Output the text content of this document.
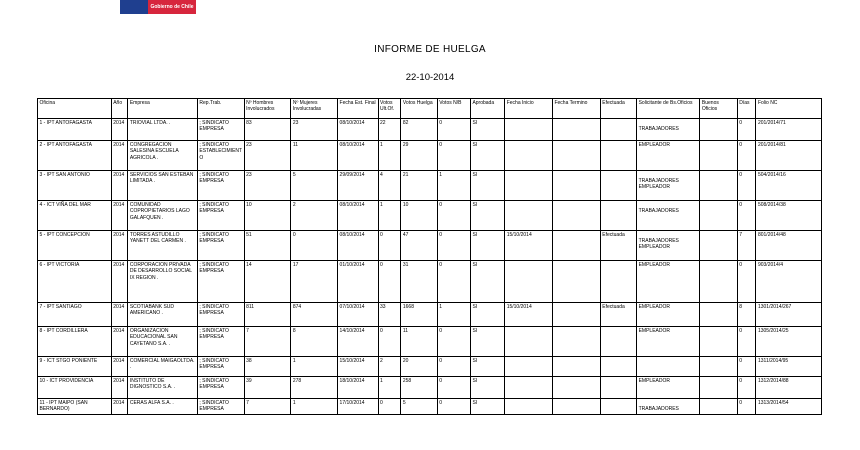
Gobierno de Chile
INFORME DE HUELGA
22-10-2014
Oficina	Año	Empresa	Rep.Trab.	Nº Hombres Involucrados	Nº Mujeres Involucradas	Fecha Est. Final	Votos Ult.Of.	Votos Huelga	Votos N/B	Aprobada	Fecha Inicio	Fecha Termino	Efectuada	Solicitante de Bs.Oficios	Buenos Oficios	Días	Folio NC
1 - IPT ANTOFAGASTA	2014	TRIOVIAL LTDA. .	; SINDICATO EMPRESA	83	23	08/10/2014	22	82	0	SI				TRABAJADORES		0	201/2014/71
2 - IPT ANTOFAGASTA	2014	CONGREGACION SALESINA ESCUELA AGRICOLA .	; SINDICATO ESTABLECIMIENTO	23	11	08/10/2014	1	29	0	SI				EMPLEADOR		0	201/2014/81
3 - IPT SAN ANTONIO	2014	SERVICIOS SAN ESTEBAN LIMITADA .	; SINDICATO EMPRESA	23	5	29/09/2014	4	21	1	SI				TRABAJADORES EMPLEADOR		0	504/2014/16
4 - ICT VIÑA DEL MAR	2014	COMUNIDAD COPROPIETARIOS LAGO GALAFQUEN .	; SINDICATO EMPRESA	10	2	08/10/2014	1	10	0	SI				TRABAJADORES		0	508/2014/38
5 - IPT CONCEPCION	2014	TORRES ASTUDILLO YANETT DEL CARMEN .	; SINDICATO EMPRESA	51	0	08/10/2014	0	47	0	SI	15/10/2014		Efectuada	TRABAJADORES EMPLEADOR		7	801/2014/48
6 - IPT VICTORIA	2014	CORPORACION PRIVADA DE DESARROLLO SOCIAL IX REGION .	; SINDICATO EMPRESA	14	17	01/10/2014	0	31	0	SI				EMPLEADOR		0	903/2014/4
7 - IPT SANTIAGO	2014	SCOTIABANK SUD AMERICANO .	; SINDICATO EMPRESA	811	874	07/10/2014	33	1668	1	SI	15/10/2014		Efectuada	EMPLEADOR		8	1301/2014/267
8 - IPT CORDILLERA	2014	ORGANIZACION EDUCACIONAL SAN CAYETANO S.A. .	; SINDICATO EMPRESA	7	8	14/10/2014	0	11	0	SI				EMPLEADOR		0	1305/2014/25
9 - ICT STGO PONIENTE	2014	COMERCIAL MAIGAOLTDA. .	; SINDICATO EMPRESA	38	1	15/10/2014	2	20	0	SI						0	1311/2014/95
10 - ICT PROVIDENCIA	2014	INSTITUTO DE DIGNOSTICO S.A. .	; SINDICATO EMPRESA	39	278	18/10/2014	1	258	0	SI				EMPLEADOR		0	1312/2014/88
11 - IPT MAIPO (SAN BERNARDO)	2014	CERAS ALFA S.A. .	; SINDICATO EMPRESA	7	1	17/10/2014	0	5	0	SI				TRABAJADORES		0	1313/2014/54
